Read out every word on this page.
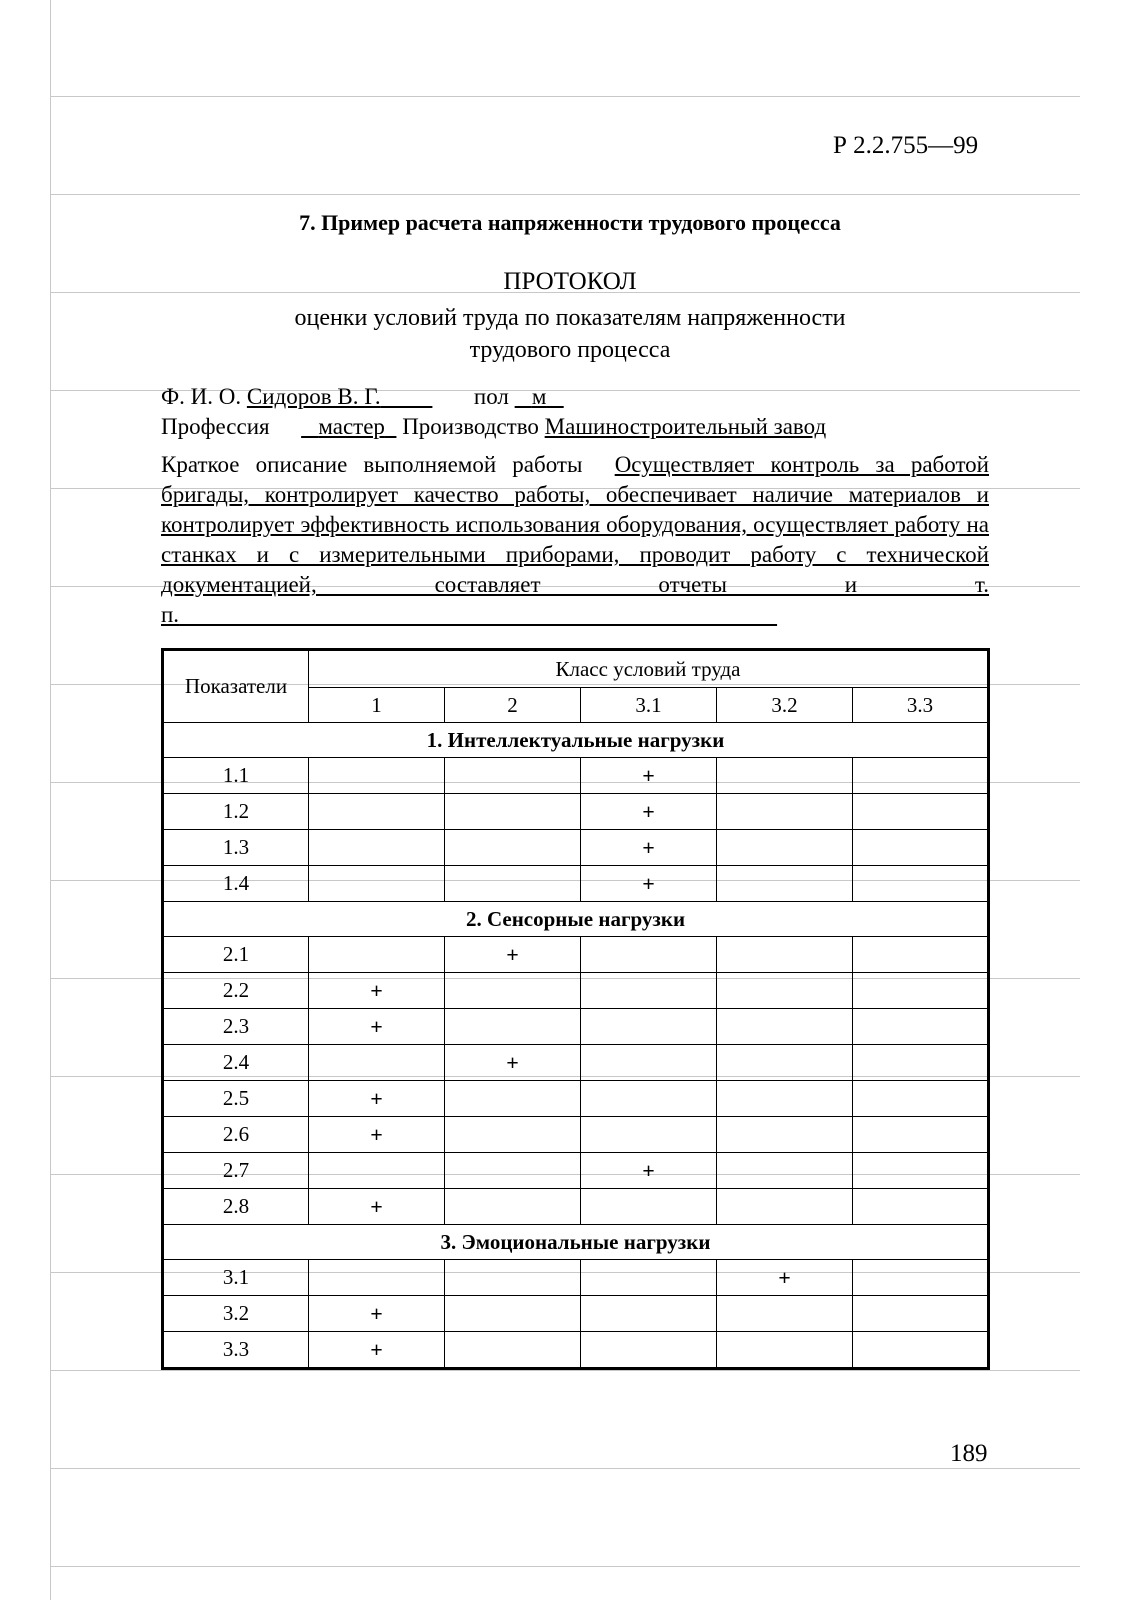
Р 2.2.755—99
7. Пример расчета напряженности трудового процесса
ПРОТОКОЛ
оценки условий труда по показателям напряженности
трудового процесса
Ф. И. О. Сидоров В. Г.	пол м
Профессия мастер Производство Машиностроительный завод
Краткое описание выполняемой работы Осуществляет контроль за работой бригады, контролирует качество работы, обеспечивает наличие материалов и контролирует эффективность использования оборудования, осуществляет работу на станках и с измерительными приборами, проводит работу с технической документацией, составляет отчеты и т. п.
Показатели	Класс условий труда				
	1	2	3.1	3.2	3.3
1. Интеллектуальные нагрузки					
1.1			+		
1.2			+		
1.3			+		
1.4			+		
2. Сенсорные нагрузки					
2.1		+			
2.2	+				
2.3	+				
2.4		+			
2.5	+				
2.6	+				
2.7			+		
2.8	+				
3. Эмоциональные нагрузки					
3.1				+	
3.2	+				
3.3	+				
189
